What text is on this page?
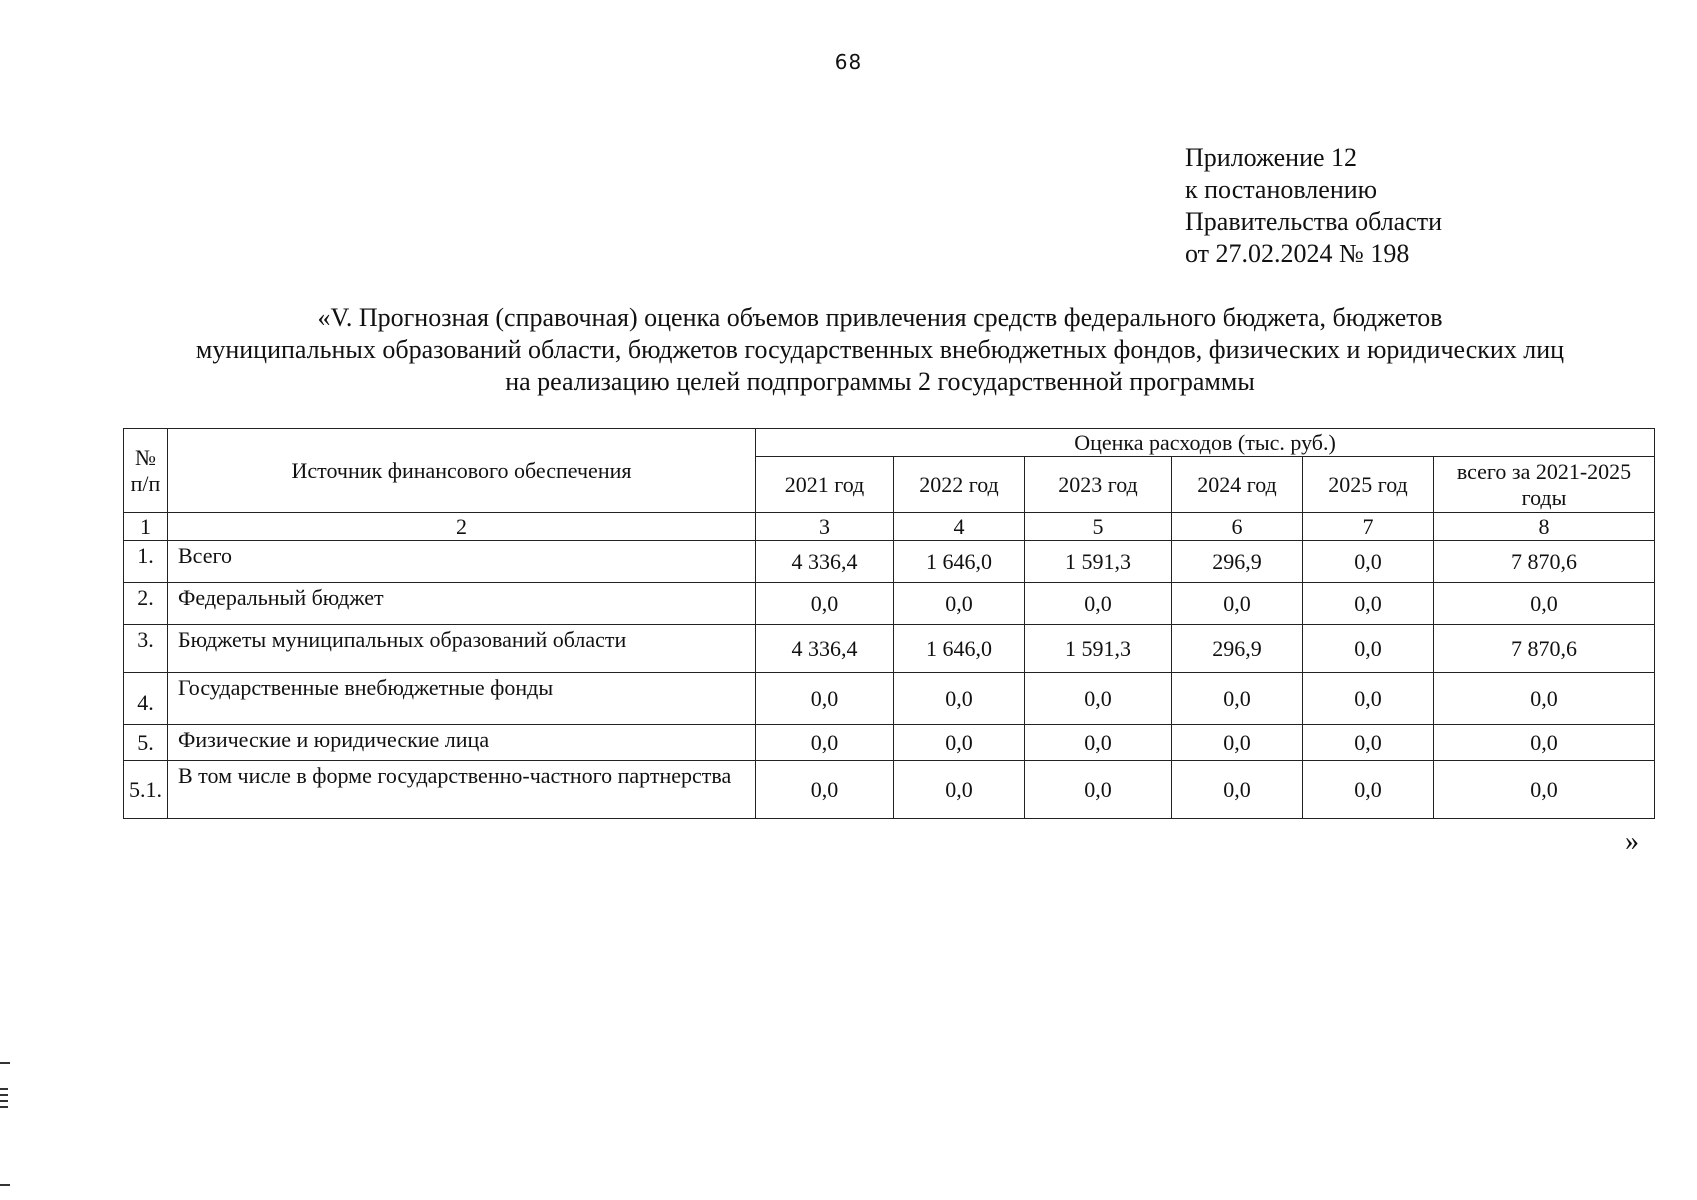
68
Приложение 12
к постановлению
Правительства области
от 27.02.2024 № 198
«V. Прогнозная (справочная) оценка объемов привлечения средств федерального бюджета, бюджетов
муниципальных образований области, бюджетов государственных внебюджетных фондов, физических и юридических лиц
на реализацию целей подпрограммы 2 государственной программы
№ п/п	Источник финансового обеспечения	Оценка расходов (тыс. руб.)					
		2021 год	2022 год	2023 год	2024 год	2025 год	всего за 2021-2025 годы
1	2	3	4	5	6	7	8
1.	Всего	4 336,4	1 646,0	1 591,3	296,9	0,0	7 870,6
2.	Федеральный бюджет	0,0	0,0	0,0	0,0	0,0	0,0
3.	Бюджеты муниципальных образований области	4 336,4	1 646,0	1 591,3	296,9	0,0	7 870,6
4.	Государственные внебюджетные фонды	0,0	0,0	0,0	0,0	0,0	0,0
5.	Физические и юридические лица	0,0	0,0	0,0	0,0	0,0	0,0
5.1.	В том числе в форме государственно-частного партнерства	0,0	0,0	0,0	0,0	0,0	0,0
»
